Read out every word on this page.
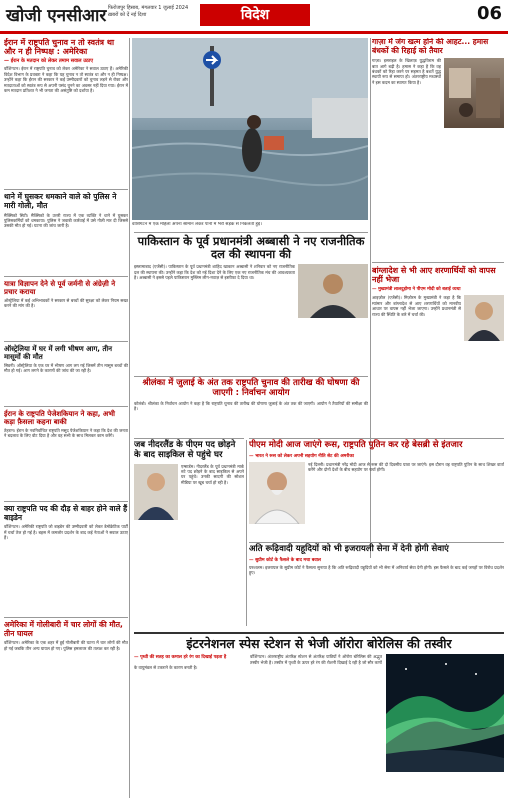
खोजी एनसीआर फिरोजपुर हिसाब, मंगलवार 1 जुलाई 2024
ख़बरों को दें नई दिशा	विदेश	06
वाशिंगटन में एक महिला अपना सामान लेकर पानी में भरी सड़क से निकलती हुई।
ईरान में राष्ट्रपति चुनाव न तो स्वतंत्र था और न ही निष्पक्ष : अमेरिका
— ईरान के मतदान को लेकर तमाम सवाल उठाए
वॉशिंगटन। ईरान में राष्ट्रपति चुनाव को लेकर अमेरिका ने सवाल उठाए हैं। अमेरिकी विदेश विभाग के प्रवक्ता ने कहा कि यह चुनाव न तो स्वतंत्र था और न ही निष्पक्ष। उन्होंने कहा कि ईरान की सरकार ने कई उम्मीदवारों को चुनाव लड़ने से रोका और मतदाताओं को स्वतंत्र रूप से अपनी पसंद चुनने का अवसर नहीं दिया गया। ईरान में कम मतदान प्रतिशत ने भी जनता की असंतुष्टि को दर्शाया है।
थाने में घुसकर धमकाने वाले को पुलिस ने मारी गोली, मौत
मैक्सिको सिटी। मैक्सिको के उत्तरी राज्य में एक व्यक्ति ने थाने में घुसकर पुलिसकर्मियों को धमकाया। पुलिस ने जवाबी कार्रवाई में उसे गोली मार दी जिससे उसकी मौत हो गई। घटना की जांच जारी है।
यात्रा विज्ञापन देने से पूर्व जर्मनी से अंग्रेज़ी ने प्रचार कराया
ऑस्ट्रेलिया में कई अभिभावकों ने सरकार से बच्चों की सुरक्षा को लेकर नियम सख्त करने की मांग की है।
ऑस्ट्रेलिया में घर में लगी भीषण आग, तीन मासूमों की मौत
सिडनी। ऑस्ट्रेलिया के एक घर में भीषण आग लग गई जिसमें तीन मासूम बच्चों की मौत हो गई। आग लगने के कारणों की जांच की जा रही है।
ईरान के राष्ट्रपति पेजेशकियान ने कहा, अभी कड़ा फ़ैसला कहना बाकी
तेहरान। ईरान के नवनिर्वाचित राष्ट्रपति मसूद पेजेशकियान ने कहा कि देश की जनता ने बदलाव के लिए वोट दिया है और वह सभी के साथ मिलकर काम करेंगे।
क्या राष्ट्रपति पद की दौड़ से बाहर होने वाले हैं बाइडेन
वॉशिंगटन। अमेरिकी राष्ट्रपति जो बाइडेन की उम्मीदवारी को लेकर डेमोक्रेटिक पार्टी में चर्चा तेज हो गई है। बहस में कमजोर प्रदर्शन के बाद कई नेताओं ने सवाल उठाए हैं।
अमेरिका में गोलीबारी में चार लोगों की मौत, तीन घायल
वॉशिंगटन। अमेरिका के एक शहर में हुई गोलीबारी की घटना में चार लोगों की मौत हो गई जबकि तीन अन्य घायल हो गए। पुलिस हमलावर की तलाश कर रही है।
गाज़ा में जंग खत्म होने की आहट... हमास बंधकों की रिहाई को तैयार
गाज़ा। इसराइल के खिलाफ़ युद्धविराम की बात आगे बढ़ी है। हमास ने कहा है कि वह बंधकों को रिहा करने पर सहमत है बशर्ते युद्ध स्थायी रूप से समाप्त हो। अंतरराष्ट्रीय मध्यस्थों ने इस कदम का स्वागत किया है।
बांग्लादेश से भी आए शरणार्थियों को वापस नहीं भेजा
— मुख्यमंत्री लालदुहोमा ने पीएम मोदी को बताई व्यथा
आइज़ोल (एजेंसी)। मिज़ोरम के मुख्यमंत्री ने कहा है कि म्यांमार और बांग्लादेश से आए शरणार्थियों को मानवीय आधार पर वापस नहीं भेजा जाएगा। उन्होंने प्रधानमंत्री से राज्य की स्थिति के बारे में चर्चा की।
पाकिस्तान के पूर्व प्रधानमंत्री अब्बासी ने नए राजनीतिक दल की स्थापना की
इस्लामाबाद (एजेंसी)। पाकिस्तान के पूर्व प्रधानमंत्री शाहिद खाकान अब्बासी ने शनिवार को नए राजनीतिक दल की स्थापना की। उन्होंने कहा कि देश को नई दिशा देने के लिए एक नए राजनीतिक मंच की आवश्यकता है। अब्बासी ने इससे पहले पाकिस्तान मुस्लिम लीग-नवाज़ से इस्तीफा दे दिया था।
श्रीलंका में जुलाई के अंत तक राष्ट्रपति चुनाव की तारीख की घोषणा की जाएगी : निर्वाचन आयोग
कोलंबो। श्रीलंका के निर्वाचन आयोग ने कहा है कि राष्ट्रपति चुनाव की तारीख की घोषणा जुलाई के अंत तक की जाएगी। आयोग ने तैयारियों की समीक्षा की है।
जब नीदरलैंड के पीएम पद छोड़ने के बाद साइकिल से पहुंचे घर
एम्स्टर्डम। नीदरलैंड के पूर्व प्रधानमंत्री मार्क रुटे पद छोड़ने के बाद साइकिल से अपने घर पहुंचे। उनकी सादगी की सोशल मीडिया पर खूब चर्चा हो रही है।
पीएम मोदी आज जाएंगे रूस, राष्ट्रपति पुतिन कर रहे बेसब्री से इंतजार
— भारत ने रूस को लेकर अपनी सहयोग नीति सेट की अमरीका
नई दिल्ली। प्रधानमंत्री नरेंद्र मोदी आज से रूस की दो दिवसीय यात्रा पर जाएंगे। इस दौरान वह राष्ट्रपति पुतिन के साथ शिखर वार्ता करेंगे और दोनों देशों के बीच सहयोग पर चर्चा होगी।
अति रूढ़िवादी यहूदियों को भी इजरायली सेना में देनी होगी सेवाएं
— सुप्रीम कोर्ट के फैसले के बाद मचा बवाल
यरुशलम। इजरायल के सुप्रीम कोर्ट ने फैसला सुनाया है कि अति रूढ़िवादी यहूदियों को भी सेना में अनिवार्य सेवा देनी होगी। इस फैसले के बाद कई जगहों पर विरोध प्रदर्शन हुए।
इंटरनेशनल स्पेस स्टेशन से भेजी ऑरोरा बोरेलिस की तस्वीर
— पृथ्वी की सतह का कमाल हरे रंग का दिखाई पड़ता है	वॉशिंगटन। अंतरराष्ट्रीय अंतरिक्ष स्टेशन से अंतरिक्ष यात्रियों ने ऑरोरा बोरेलिस की अद्भुत तस्वीर भेजी है। तस्वीर में पृथ्वी के ऊपर हरे रंग की रोशनी दिखाई दे रही है जो सौर कणों के वायुमंडल से टकराने के कारण बनती है।
